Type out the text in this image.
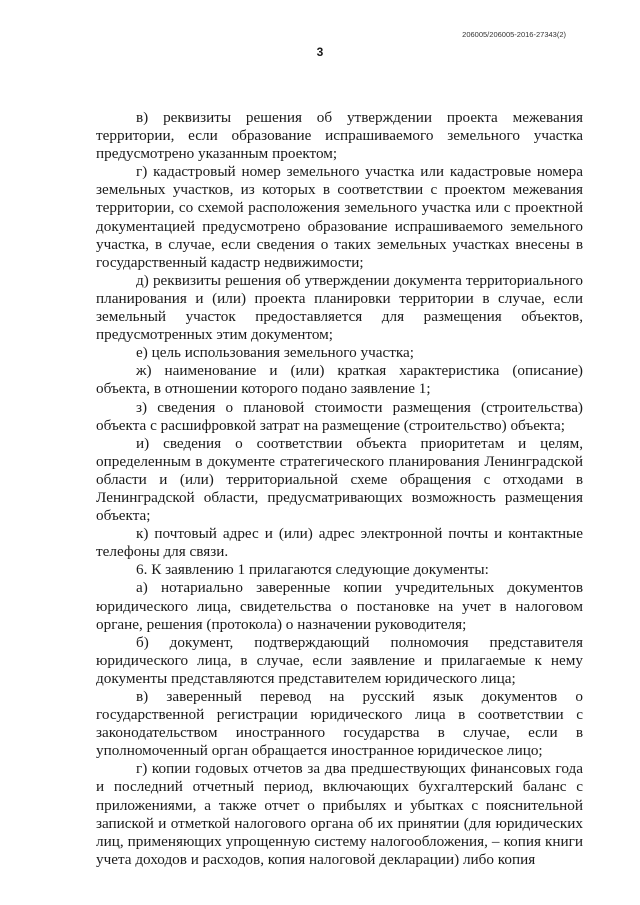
206005/206005-2016-27343(2)
3

в) реквизиты решения об утверждении проекта межевания территории, если образование испрашиваемого земельного участка предусмотрено указанным проектом;

г) кадастровый номер земельного участка или кадастровые номера земельных участков, из которых в соответствии с проектом межевания территории, со схемой расположения земельного участка или с проектной документацией предусмотрено образование испрашиваемого земельного участка, в случае, если сведения о таких земельных участках внесены в государственный кадастр недвижимости;

д) реквизиты решения об утверждении документа территориального планирования и (или) проекта планировки территории в случае, если земельный участок предоставляется для размещения объектов, предусмотренных этим документом;

е) цель использования земельного участка;

ж) наименование и (или) краткая характеристика (описание) объекта, в отношении которого подано заявление 1;

з) сведения о плановой стоимости размещения (строительства) объекта с расшифровкой затрат на размещение (строительство) объекта;

и) сведения о соответствии объекта приоритетам и целям, определенным в документе стратегического планирования Ленинградской области и (или) территориальной схеме обращения с отходами в Ленинградской области, предусматривающих возможность размещения объекта;

к) почтовый адрес и (или) адрес электронной почты и контактные телефоны для связи.

6. К заявлению 1 прилагаются следующие документы:

а) нотариально заверенные копии учредительных документов юридического лица, свидетельства о постановке на учет в налоговом органе, решения (протокола) о назначении руководителя;

б) документ, подтверждающий полномочия представителя юридического лица, в случае, если заявление и прилагаемые к нему документы представляются представителем юридического лица;

в) заверенный перевод на русский язык документов о государственной регистрации юридического лица в соответствии с законодательством иностранного государства в случае, если в уполномоченный орган обращается иностранное юридическое лицо;

г) копии годовых отчетов за два предшествующих финансовых года и последний отчетный период, включающих бухгалтерский баланс с приложениями, а также отчет о прибылях и убытках с пояснительной запиской и отметкой налогового органа об их принятии (для юридических лиц, применяющих упрощенную систему налогообложения, – копия книги учета доходов и расходов, копия налоговой декларации) либо копия
